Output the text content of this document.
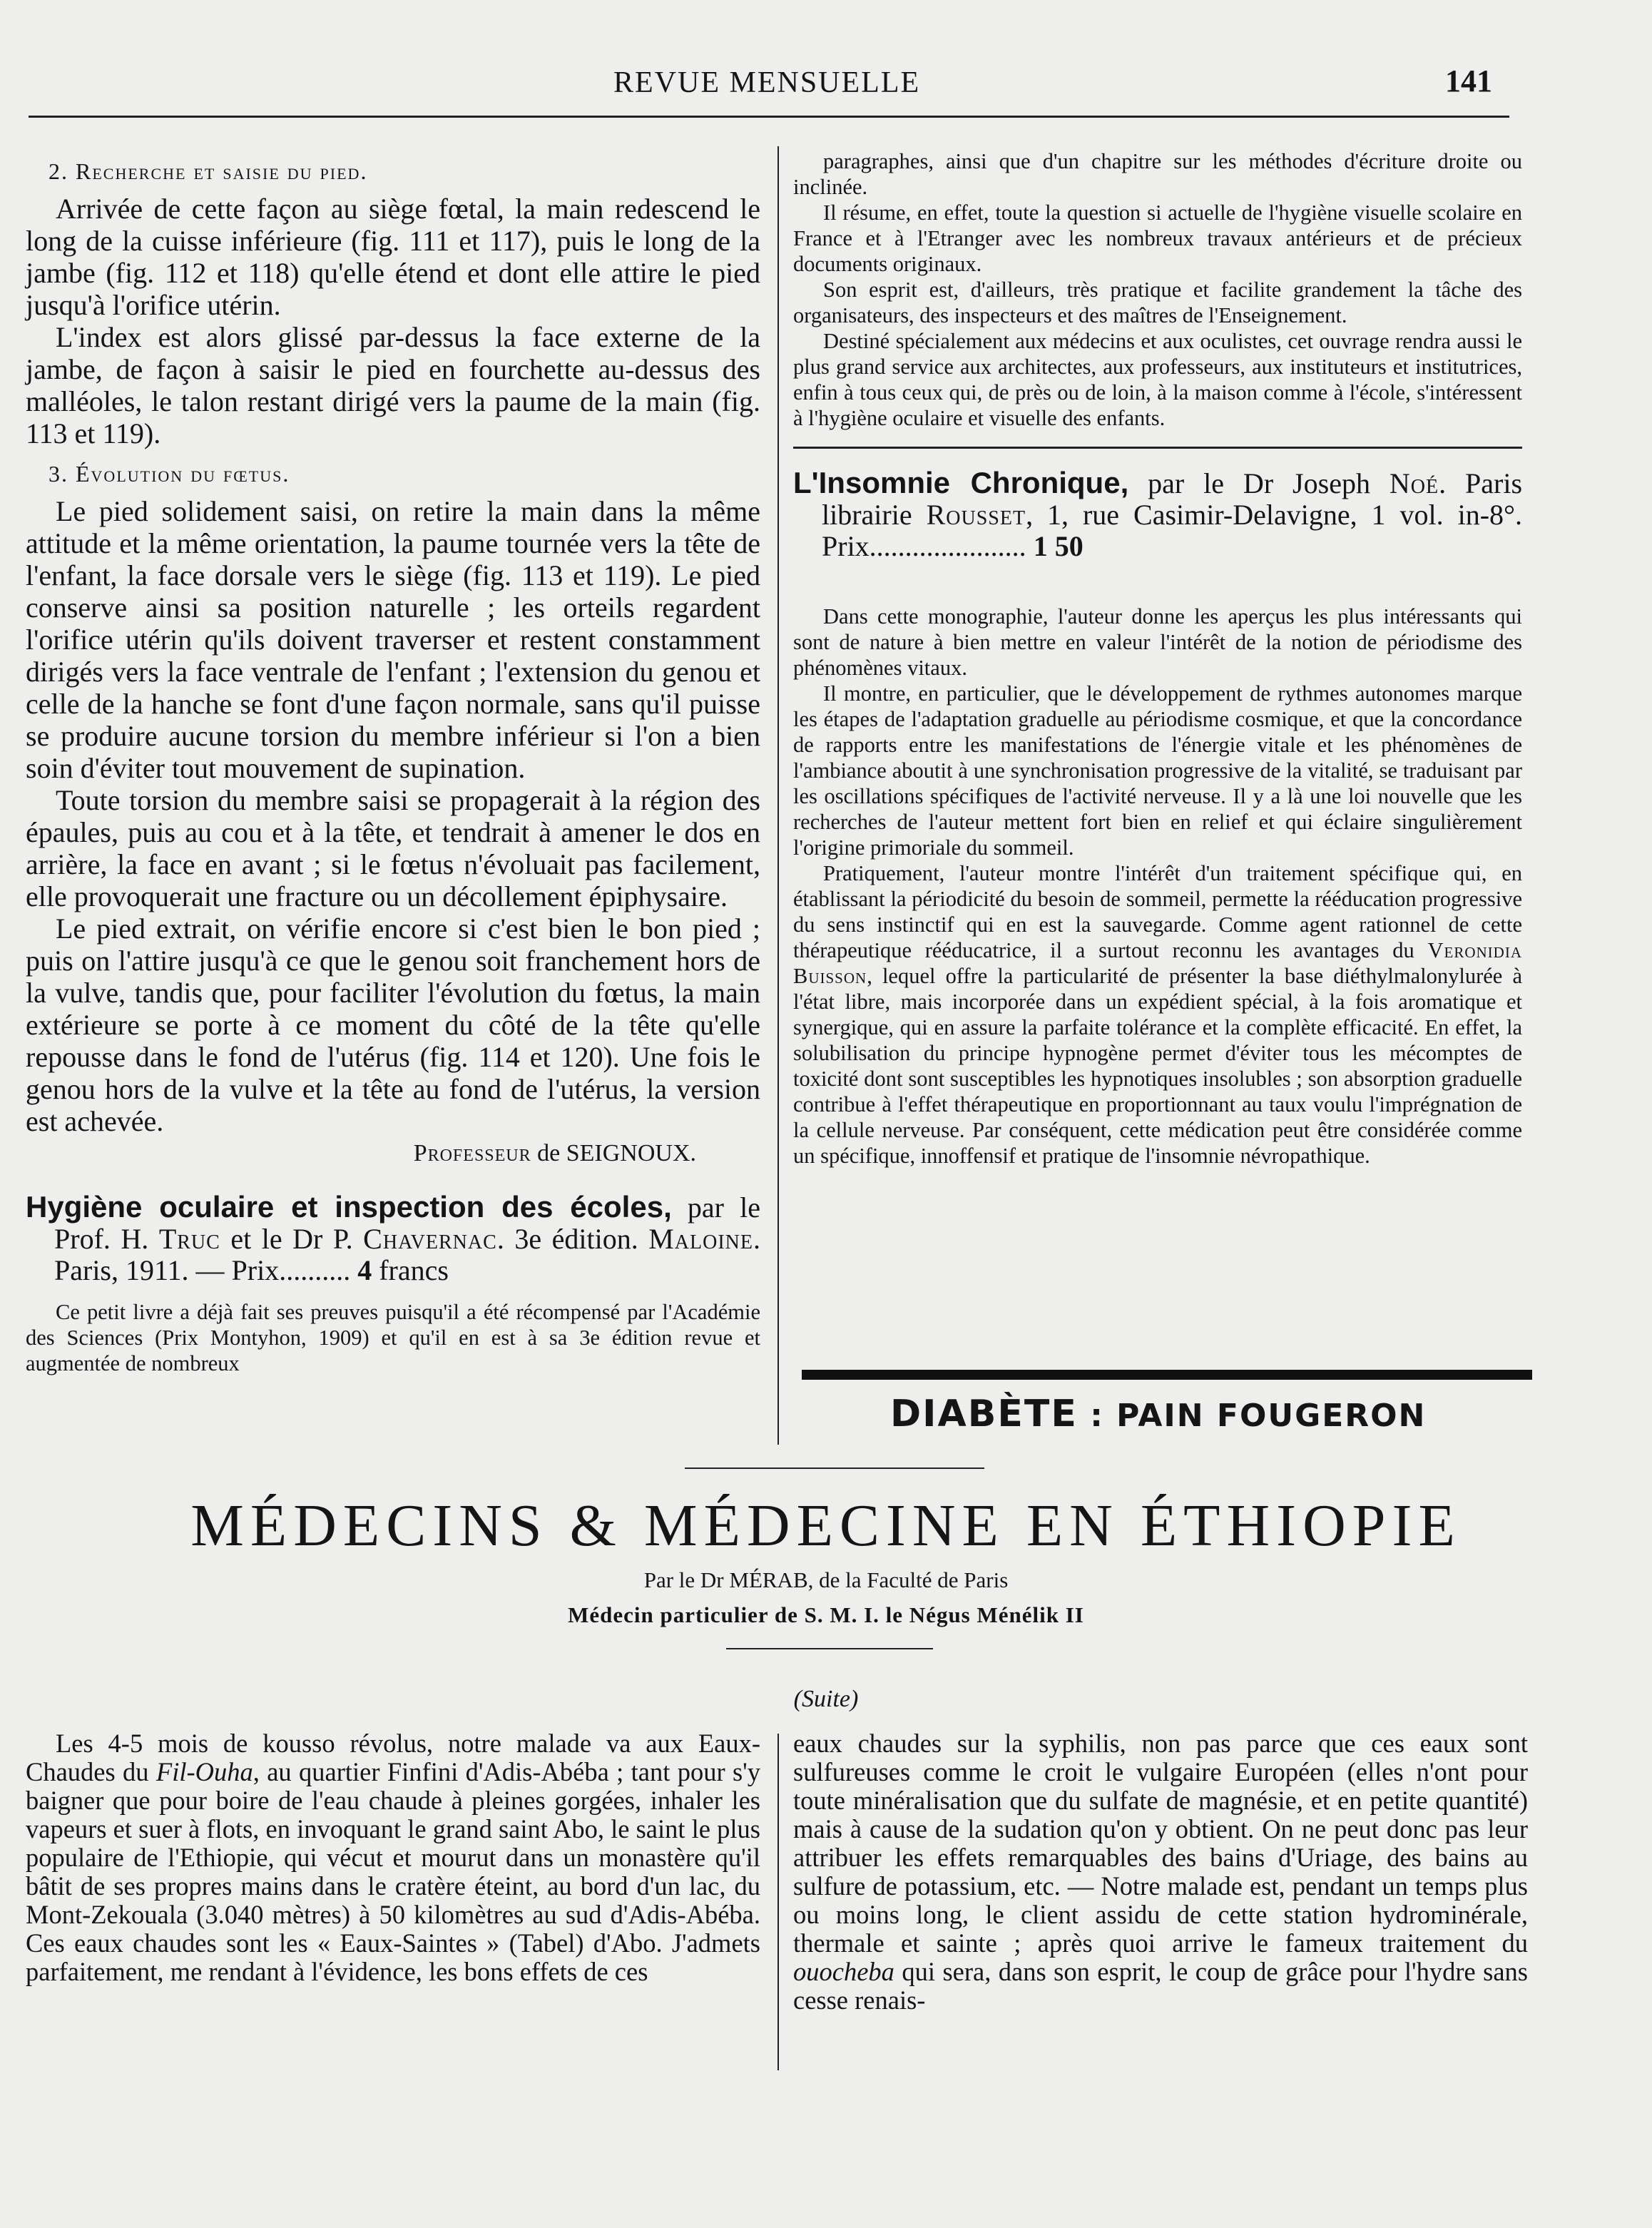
REVUE MENSUELLE	141
2. Recherche et saisie du pied.

Arrivée de cette façon au siège fœtal, la main redescend le long de la cuisse inférieure (fig. 111 et 117), puis le long de la jambe (fig. 112 et 118) qu'elle étend et dont elle attire le pied jusqu'à l'orifice utérin.

L'index est alors glissé par-dessus la face externe de la jambe, de façon à saisir le pied en fourchette au-dessus des malléoles, le talon restant dirigé vers la paume de la main (fig. 113 et 119).

3. Évolution du fœtus.

Le pied solidement saisi, on retire la main dans la même attitude et la même orientation, la paume tournée vers la tête de l'enfant, la face dorsale vers le siège (fig. 113 et 119). Le pied conserve ainsi sa position naturelle ; les orteils regardent l'orifice utérin qu'ils doivent traverser et restent constamment dirigés vers la face ventrale de l'enfant ; l'extension du genou et celle de la hanche se font d'une façon normale, sans qu'il puisse se produire aucune torsion du membre inférieur si l'on a bien soin d'éviter tout mouvement de supination.

Toute torsion du membre saisi se propagerait à la région des épaules, puis au cou et à la tête, et tendrait à amener le dos en arrière, la face en avant ; si le fœtus n'évoluait pas facilement, elle provoquerait une fracture ou un décollement épiphysaire.

Le pied extrait, on vérifie encore si c'est bien le bon pied ; puis on l'attire jusqu'à ce que le genou soit franchement hors de la vulve, tandis que, pour faciliter l'évolution du fœtus, la main extérieure se porte à ce moment du côté de la tête qu'elle repousse dans le fond de l'utérus (fig. 114 et 120). Une fois le genou hors de la vulve et la tête au fond de l'utérus, la version est achevée.

Professeur de SEIGNOUX.

Hygiène oculaire et inspection des écoles, par le Prof. H. Truc et le Dr P. Chavernac. 3e édition. Maloine. Paris, 1911. — Prix.......... 4 francs

Ce petit livre a déjà fait ses preuves puisqu'il a été récompensé par l'Académie des Sciences (Prix Montyhon, 1909) et qu'il en est à sa 3e édition revue et augmentée de nombreux

paragraphes, ainsi que d'un chapitre sur les méthodes d'écriture droite ou inclinée.

Il résume, en effet, toute la question si actuelle de l'hygiène visuelle scolaire en France et à l'Etranger avec les nombreux travaux antérieurs et de précieux documents originaux.

Son esprit est, d'ailleurs, très pratique et facilite grandement la tâche des organisateurs, des inspecteurs et des maîtres de l'Enseignement.

Destiné spécialement aux médecins et aux oculistes, cet ouvrage rendra aussi le plus grand service aux architectes, aux professeurs, aux instituteurs et institutrices, enfin à tous ceux qui, de près ou de loin, à la maison comme à l'école, s'intéressent à l'hygiène oculaire et visuelle des enfants.

L'Insomnie Chronique, par le Dr Joseph Noé. Paris librairie Rousset, 1, rue Casimir-Delavigne, 1 vol. in-8°. Prix...................... 1 50

Dans cette monographie, l'auteur donne les aperçus les plus intéressants qui sont de nature à bien mettre en valeur l'intérêt de la notion de périodisme des phénomènes vitaux.

Il montre, en particulier, que le développement de rythmes autonomes marque les étapes de l'adaptation graduelle au périodisme cosmique, et que la concordance de rapports entre les manifestations de l'énergie vitale et les phénomènes de l'ambiance aboutit à une synchronisation progressive de la vitalité, se traduisant par les oscillations spécifiques de l'activité nerveuse. Il y a là une loi nouvelle que les recherches de l'auteur mettent fort bien en relief et qui éclaire singulièrement l'origine primoriale du sommeil.

Pratiquement, l'auteur montre l'intérêt d'un traitement spécifique qui, en établissant la périodicité du besoin de sommeil, permette la rééducation progressive du sens instinctif qui en est la sauvegarde. Comme agent rationnel de cette thérapeutique rééducatrice, il a surtout reconnu les avantages du Veronidia Buisson, lequel offre la particularité de présenter la base diéthylmalonylurée à l'état libre, mais incorporée dans un expédient spécial, à la fois aromatique et synergique, qui en assure la parfaite tolérance et la complète efficacité. En effet, la solubilisation du principe hypnogène permet d'éviter tous les mécomptes de toxicité dont sont susceptibles les hypnotiques insolubles ; son absorption graduelle contribue à l'effet thérapeutique en proportionnant au taux voulu l'imprégnation de la cellule nerveuse. Par conséquent, cette médication peut être considérée comme un spécifique, innoffensif et pratique de l'insomnie névropathique.

DIABÈTE : PAIN FOUGERON
MÉDECINS & MÉDECINE EN ÉTHIOPIE
Par le Dr MÉRAB, de la Faculté de Paris
Médecin particulier de S. M. I. le Négus Ménélik II
(Suite)

Les 4-5 mois de kousso révolus, notre malade va aux Eaux-Chaudes du Fil-Ouha, au quartier Finfini d'Adis-Abéba ; tant pour s'y baigner que pour boire de l'eau chaude à pleines gorgées, inhaler les vapeurs et suer à flots, en invoquant le grand saint Abo, le saint le plus populaire de l'Ethiopie, qui vécut et mourut dans un monastère qu'il bâtit de ses propres mains dans le cratère éteint, au bord d'un lac, du Mont-Zekouala (3.040 mètres) à 50 kilomètres au sud d'Adis-Abéba. Ces eaux chaudes sont les « Eaux-Saintes » (Tabel) d'Abo. J'admets parfaitement, me rendant à l'évidence, les bons effets de ces

eaux chaudes sur la syphilis, non pas parce que ces eaux sont sulfureuses comme le croit le vulgaire Européen (elles n'ont pour toute minéralisation que du sulfate de magnésie, et en petite quantité) mais à cause de la sudation qu'on y obtient. On ne peut donc pas leur attribuer les effets remarquables des bains d'Uriage, des bains au sulfure de potassium, etc. — Notre malade est, pendant un temps plus ou moins long, le client assidu de cette station hydrominérale, thermale et sainte ; après quoi arrive le fameux traitement du ouocheba qui sera, dans son esprit, le coup de grâce pour l'hydre sans cesse renais-
